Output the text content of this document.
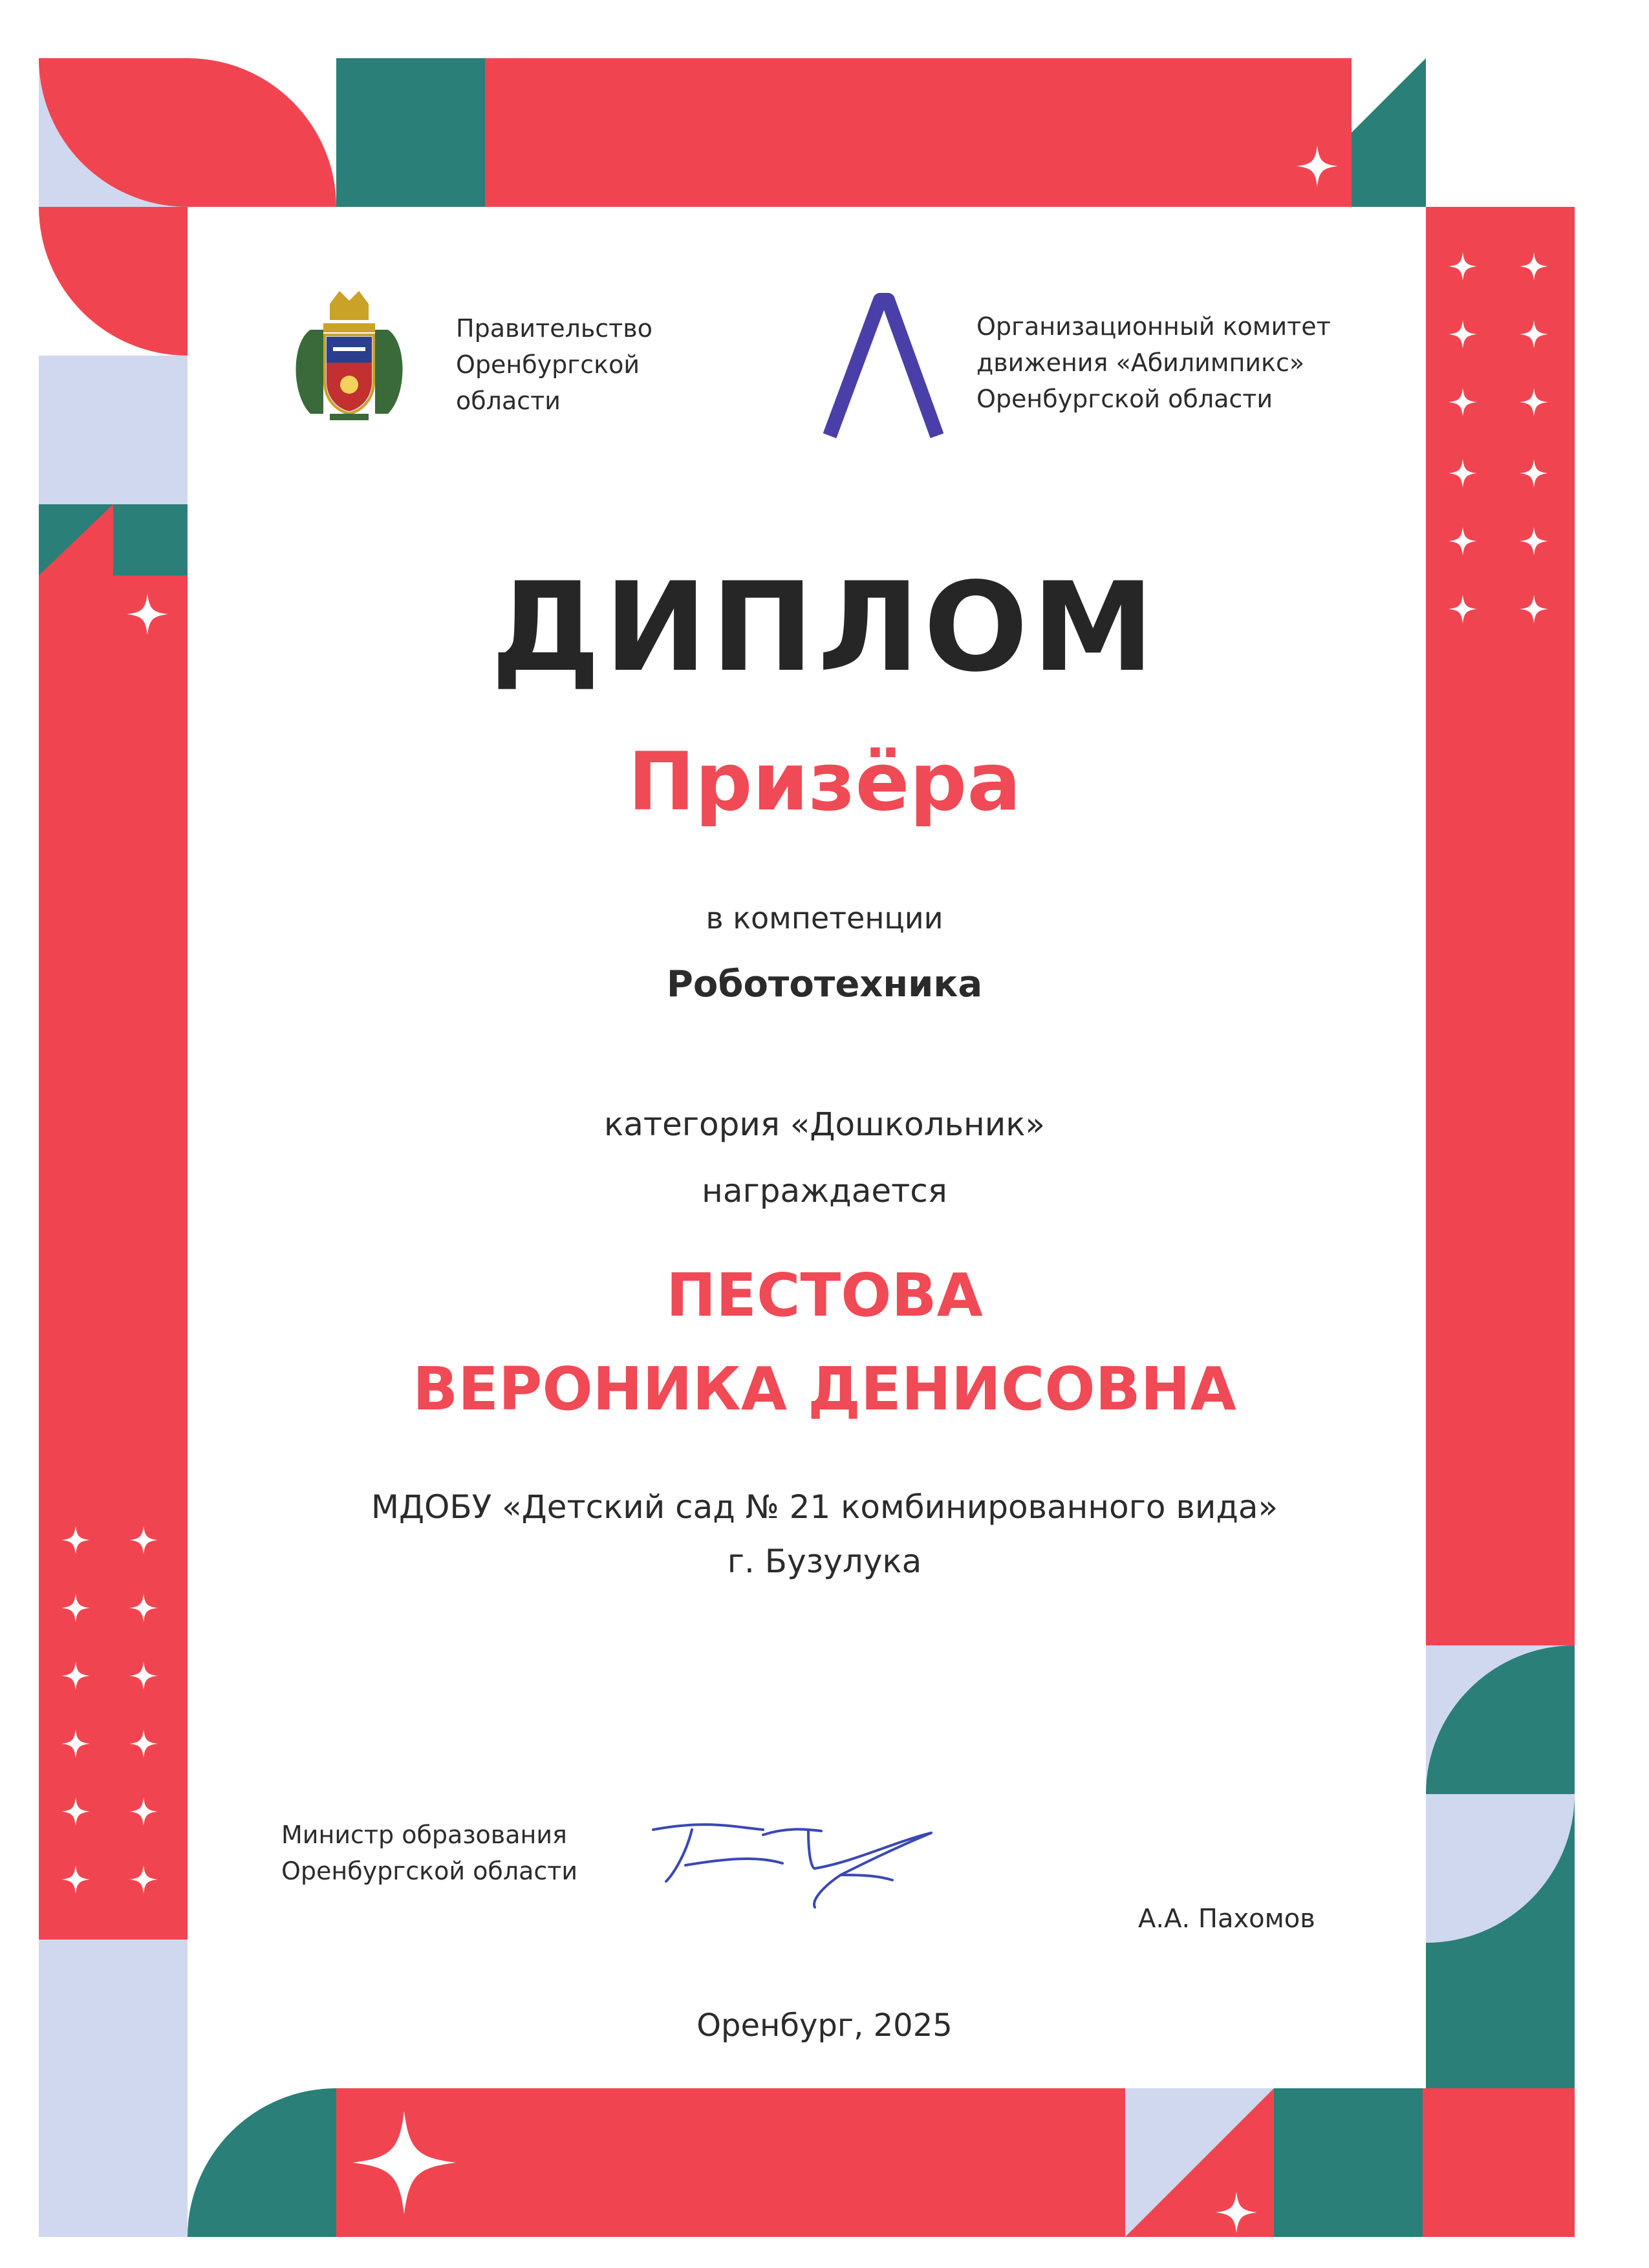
Правительство
Оренбургской
области
Организационный комитет
движения «Абилимпикс»
Оренбургской области
ДИПЛОМ
Призёра
в компетенции
Робототехника
категория «Дошкольник»
награждается
ПЕСТОВА
ВЕРОНИКА ДЕНИСОВНА
МДОБУ «Детский сад № 21 комбинированного вида»
г. Бузулука
Министр образования
Оренбургской области
А.А. Пахомов
Оренбург, 2025
